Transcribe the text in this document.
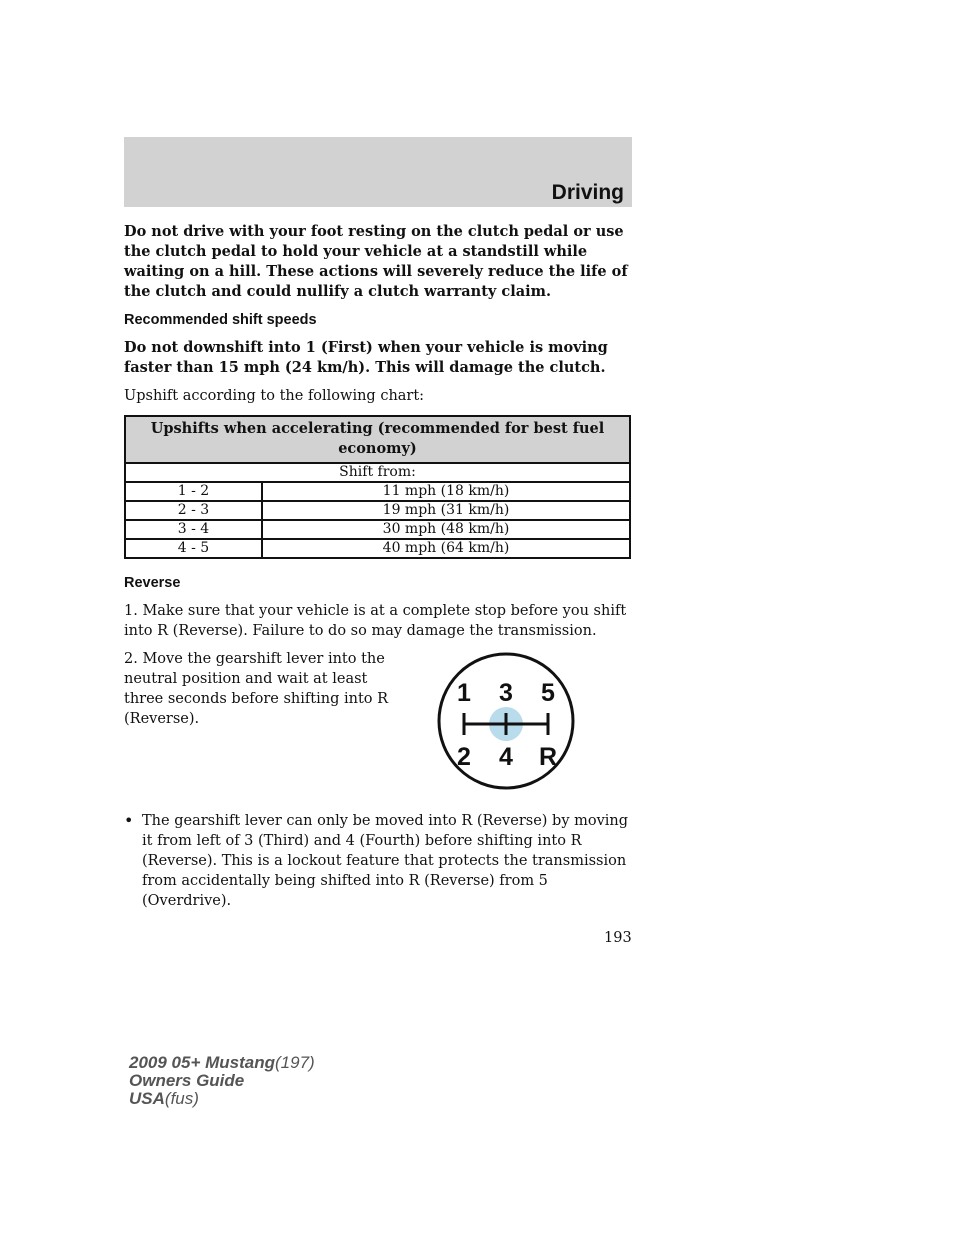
Driving

Do not drive with your foot resting on the clutch pedal or use the clutch pedal to hold your vehicle at a standstill while waiting on a hill. These actions will severely reduce the life of the clutch and could nullify a clutch warranty claim.

Recommended shift speeds

Do not downshift into 1 (First) when your vehicle is moving faster than 15 mph (24 km/h). This will damage the clutch.

Upshift according to the following chart:

Upshifts when accelerating (recommended for best fuel economy)	
Shift from:	
1 - 2	11 mph (18 km/h)
2 - 3	19 mph (31 km/h)
3 - 4	30 mph (48 km/h)
4 - 5	40 mph (64 km/h)

Reverse

1. Make sure that your vehicle is at a complete stop before you shift into R (Reverse). Failure to do so may damage the transmission.

2. Move the gearshift lever into the neutral position and wait at least three seconds before shifting into R (Reverse).

1 3 5
2 4 R
• The gearshift lever can only be moved into R (Reverse) by moving it from left of 3 (Third) and 4 (Fourth) before shifting into R (Reverse). This is a lockout feature that protects the transmission from accidentally being shifted into R (Reverse) from 5 (Overdrive).

193
2009 05+ Mustang(197)
Owners Guide
USA(fus)
